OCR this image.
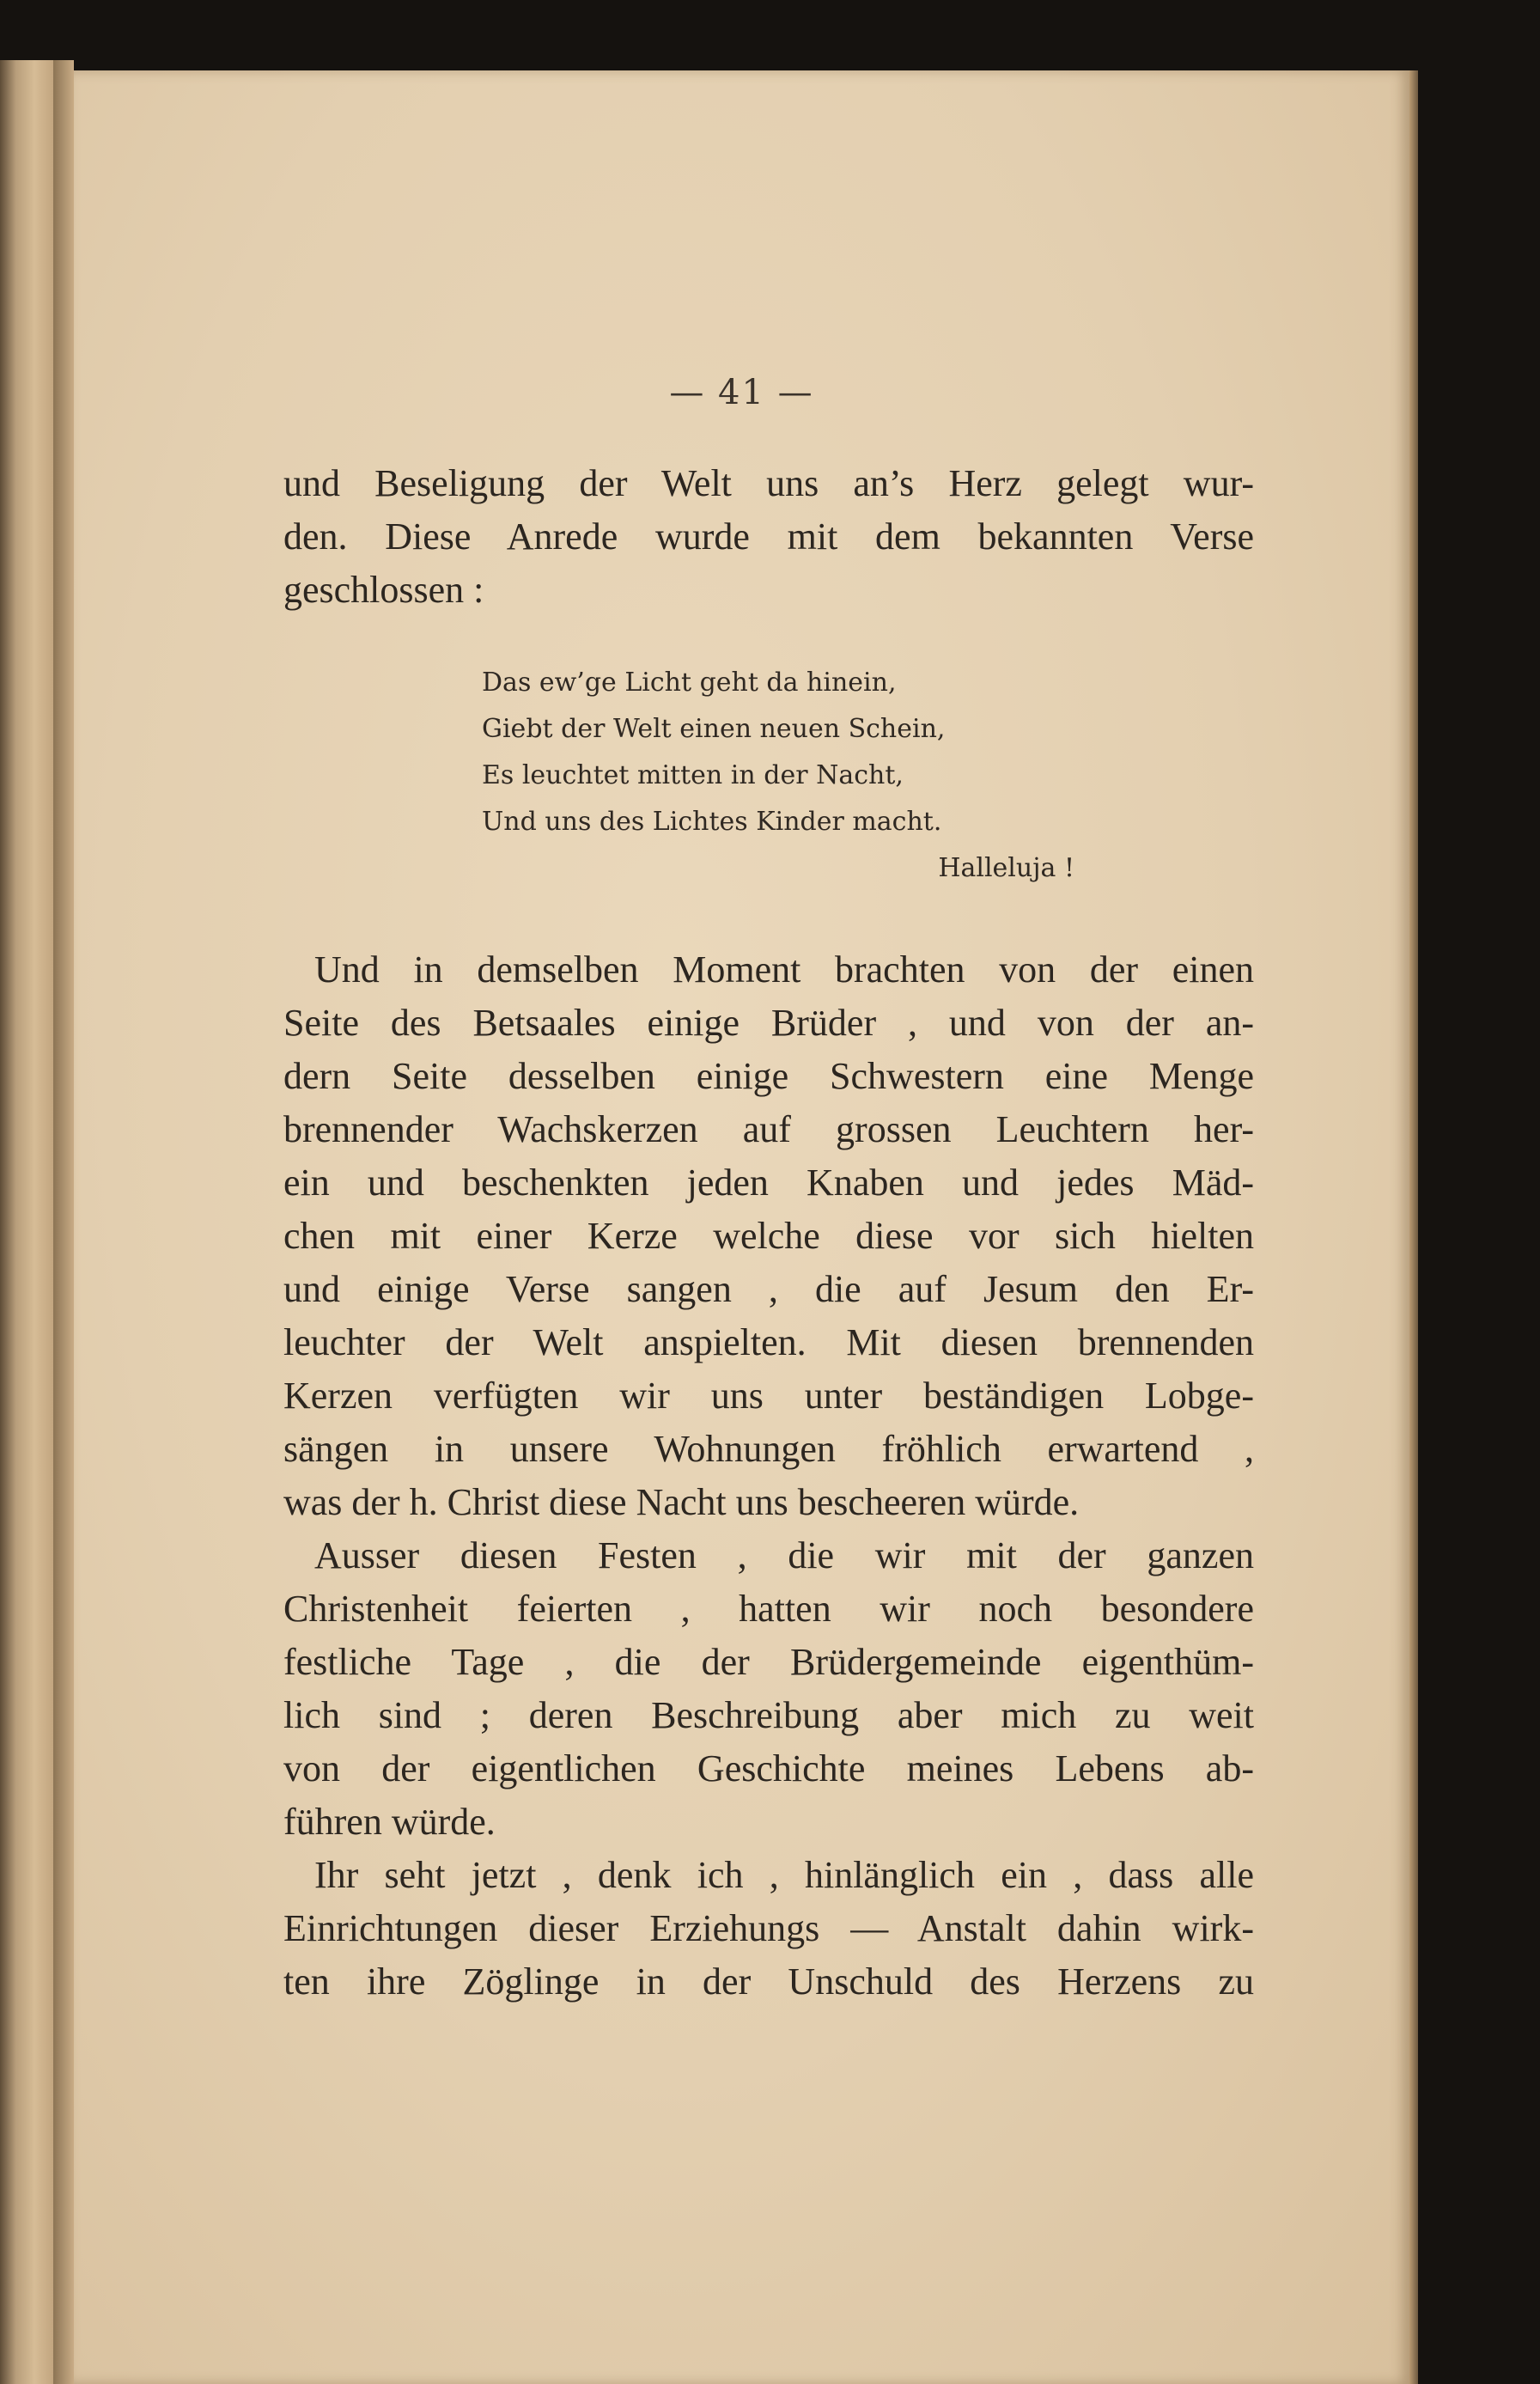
— 41 —
und Beseligung der Welt uns an’s Herz gelegt wur-
den. Diese Anrede wurde mit dem bekannten Verse
geschlossen :
Das ew’ge Licht geht da hinein,
Giebt der Welt einen neuen Schein,
Es leuchtet mitten in der Nacht,
Und uns des Lichtes Kinder macht.
Halleluja !
Und in demselben Moment brachten von der einen
Seite des Betsaales einige Brüder , und von der an-
dern Seite desselben einige Schwestern eine Menge
brennender Wachskerzen auf grossen Leuchtern her-
ein und beschenkten jeden Knaben und jedes Mäd-
chen mit einer Kerze welche diese vor sich hielten
und einige Verse sangen , die auf Jesum den Er-
leuchter der Welt anspielten. Mit diesen brennenden
Kerzen verfügten wir uns unter beständigen Lobge-
sängen in unsere Wohnungen fröhlich erwartend ,
was der h. Christ diese Nacht uns bescheeren würde.
Ausser diesen Festen , die wir mit der ganzen
Christenheit feierten , hatten wir noch besondere
festliche Tage , die der Brüdergemeinde eigenthüm-
lich sind ; deren Beschreibung aber mich zu weit
von der eigentlichen Geschichte meines Lebens ab-
führen würde.
Ihr seht jetzt , denk ich , hinlänglich ein , dass alle
Einrichtungen dieser Erziehungs — Anstalt dahin wirk-
ten ihre Zöglinge in der Unschuld des Herzens zu
